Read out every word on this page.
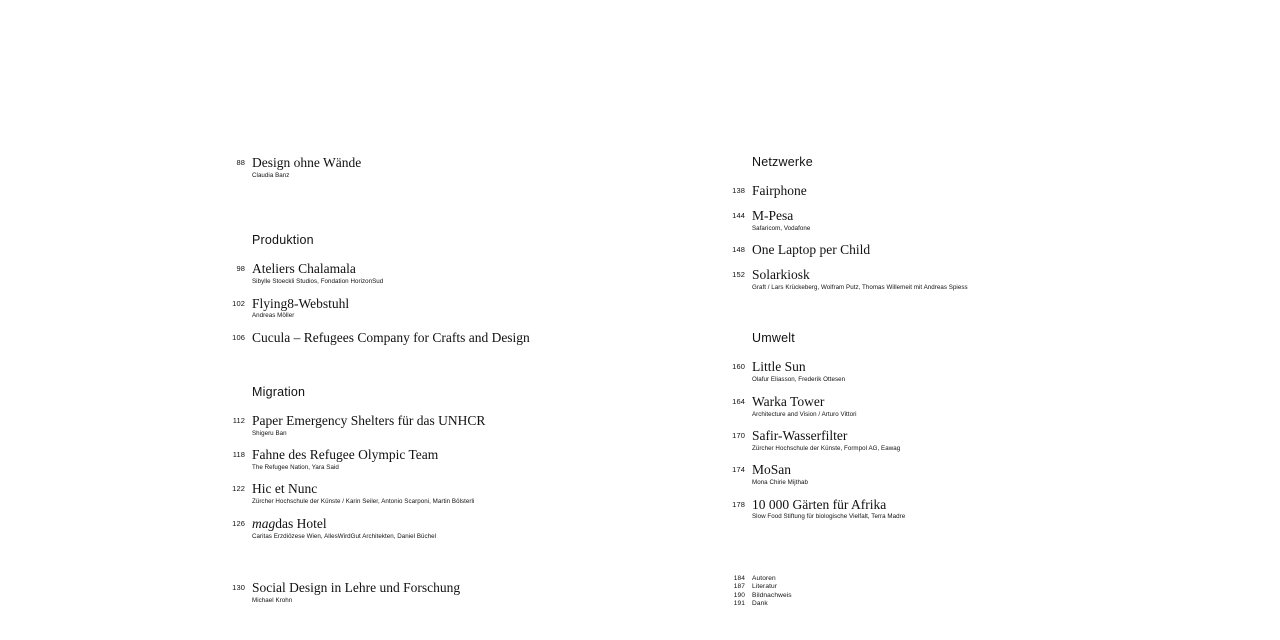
88 Design ohne Wände
Claudia Banz
Produktion
98 Ateliers Chalamala
Sibylle Stoeckli Studios, Fondation HorizonSud
102 Flying8-Webstuhl
Andreas Möller
106 Cucula – Refugees Company for Crafts and Design
Migration
112 Paper Emergency Shelters für das UNHCR
Shigeru Ban
118 Fahne des Refugee Olympic Team
The Refugee Nation, Yara Said
122 Hic et Nunc
Zürcher Hochschule der Künste / Karin Seiler, Antonio Scarponi, Martin Bölsterli
126 magdas Hotel
Caritas Erzdiözese Wien, AllesWirdGut Architekten, Daniel Büchel
130 Social Design in Lehre und Forschung
Michael Krohn
Netzwerke
138 Fairphone
144 M-Pesa
Safaricom, Vodafone
148 One Laptop per Child
152 Solarkiosk
Graft / Lars Krückeberg, Wolfram Putz, Thomas Willemeit mit Andreas Spiess
Umwelt
160 Little Sun
Olafur Eliasson, Frederik Ottesen
164 Warka Tower
Architecture and Vision / Arturo Vittori
170 Safir-Wasserfilter
Zürcher Hochschule der Künste, Formpol AG, Eawag
174 MoSan
Mona Chirie Mijthab
178 10 000 Gärten für Afrika
Slow Food Stiftung für biologische Vielfalt, Terra Madre
184 Autoren
187 Literatur
190 Bildnachweis
191 Dank
